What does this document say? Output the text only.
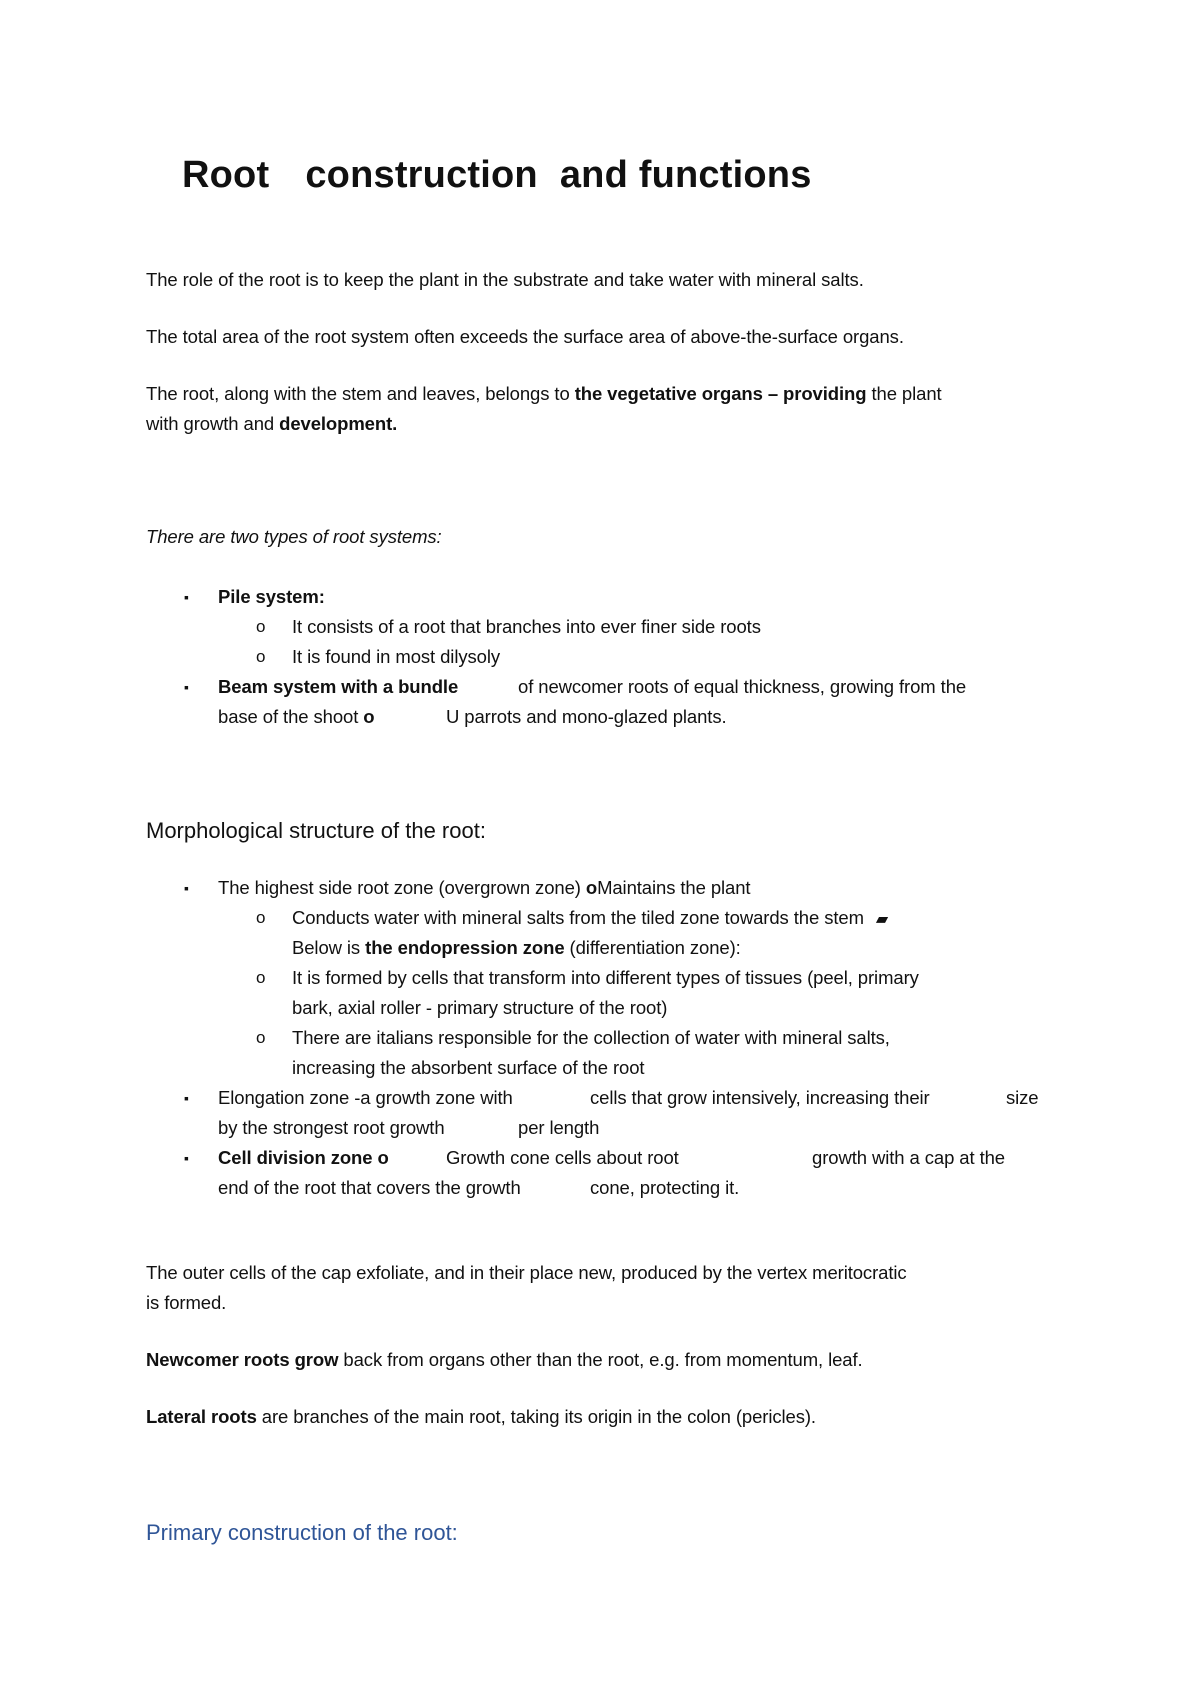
Root construction and functions
The role of the root is to keep the plant in the substrate and take water with mineral salts.
The total area of the root system often exceeds the surface area of above-the-surface organs.
The root, along with the stem and leaves, belongs to the vegetative organs – providing the plant
with growth and development.
There are two types of root systems:
▪ Pile system:
o It consists of a root that branches into ever finer side roots
o It is found in most dilysoly
▪ Beam system with a bundle	of newcomer roots of equal thickness, growing from the
base of the shoot o	U parrots and mono-glazed plants.
Morphological structure of the root:
▪ The highest side root zone (overgrown zone) oMaintains the plant
o Conducts water with mineral salts from the tiled zone towards the stem ▰
Below is the endopression zone (differentiation zone):
o It is formed by cells that transform into different types of tissues (peel, primary
bark, axial roller - primary structure of the root)
o There are italians responsible for the collection of water with mineral salts,
increasing the absorbent surface of the root
▪ Elongation zone -a growth zone with	cells that grow intensively, increasing their	size
by the strongest root growth	per length
▪ Cell division zone o	Growth cone cells about root	growth with a cap at the
end of the root that covers the growth	cone, protecting it.
The outer cells of the cap exfoliate, and in their place new, produced by the vertex meritocratic
is formed.
Newcomer roots grow back from organs other than the root, e.g. from momentum, leaf.
Lateral roots are branches of the main root, taking its origin in the colon (pericles).
Primary construction of the root:
